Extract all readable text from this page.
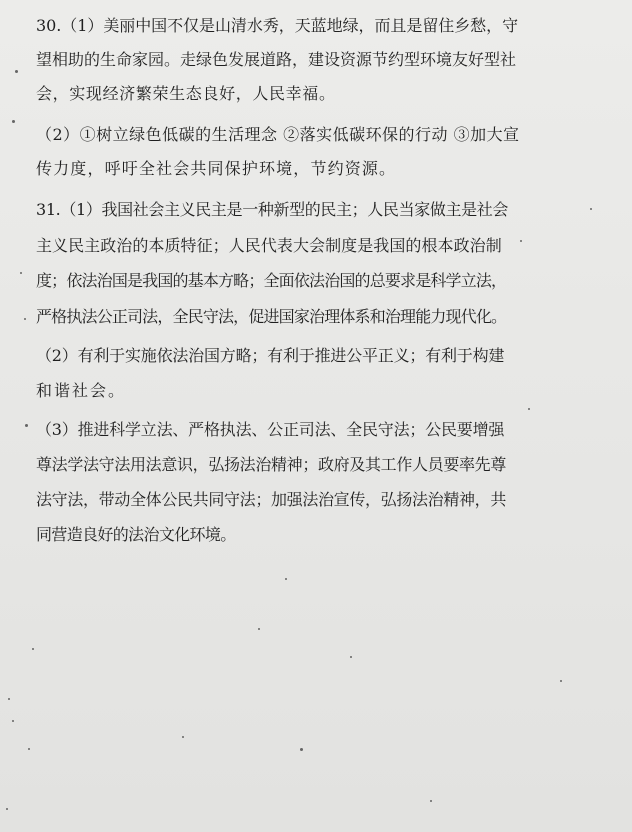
30.（1）美丽中国不仅是山清水秀，天蓝地绿，而且是留住乡愁，守
望相助的生命家园。走绿色发展道路，建设资源节约型环境友好型社
会，实现经济繁荣生态良好，人民幸福。
（2）①树立绿色低碳的生活理念 ②落实低碳环保的行动 ③加大宣
传力度，呼吁全社会共同保护环境，节约资源。
31.（1）我国社会主义民主是一种新型的民主；人民当家做主是社会
主义民主政治的本质特征；人民代表大会制度是我国的根本政治制
度；依法治国是我国的基本方略；全面依法治国的总要求是科学立法，
严格执法公正司法，全民守法，促进国家治理体系和治理能力现代化。
（2）有利于实施依法治国方略；有利于推进公平正义；有利于构建
和谐社会。
（3）推进科学立法、严格执法、公正司法、全民守法；公民要增强
尊法学法守法用法意识，弘扬法治精神；政府及其工作人员要率先尊
法守法，带动全体公民共同守法；加强法治宣传，弘扬法治精神，共
同营造良好的法治文化环境。
